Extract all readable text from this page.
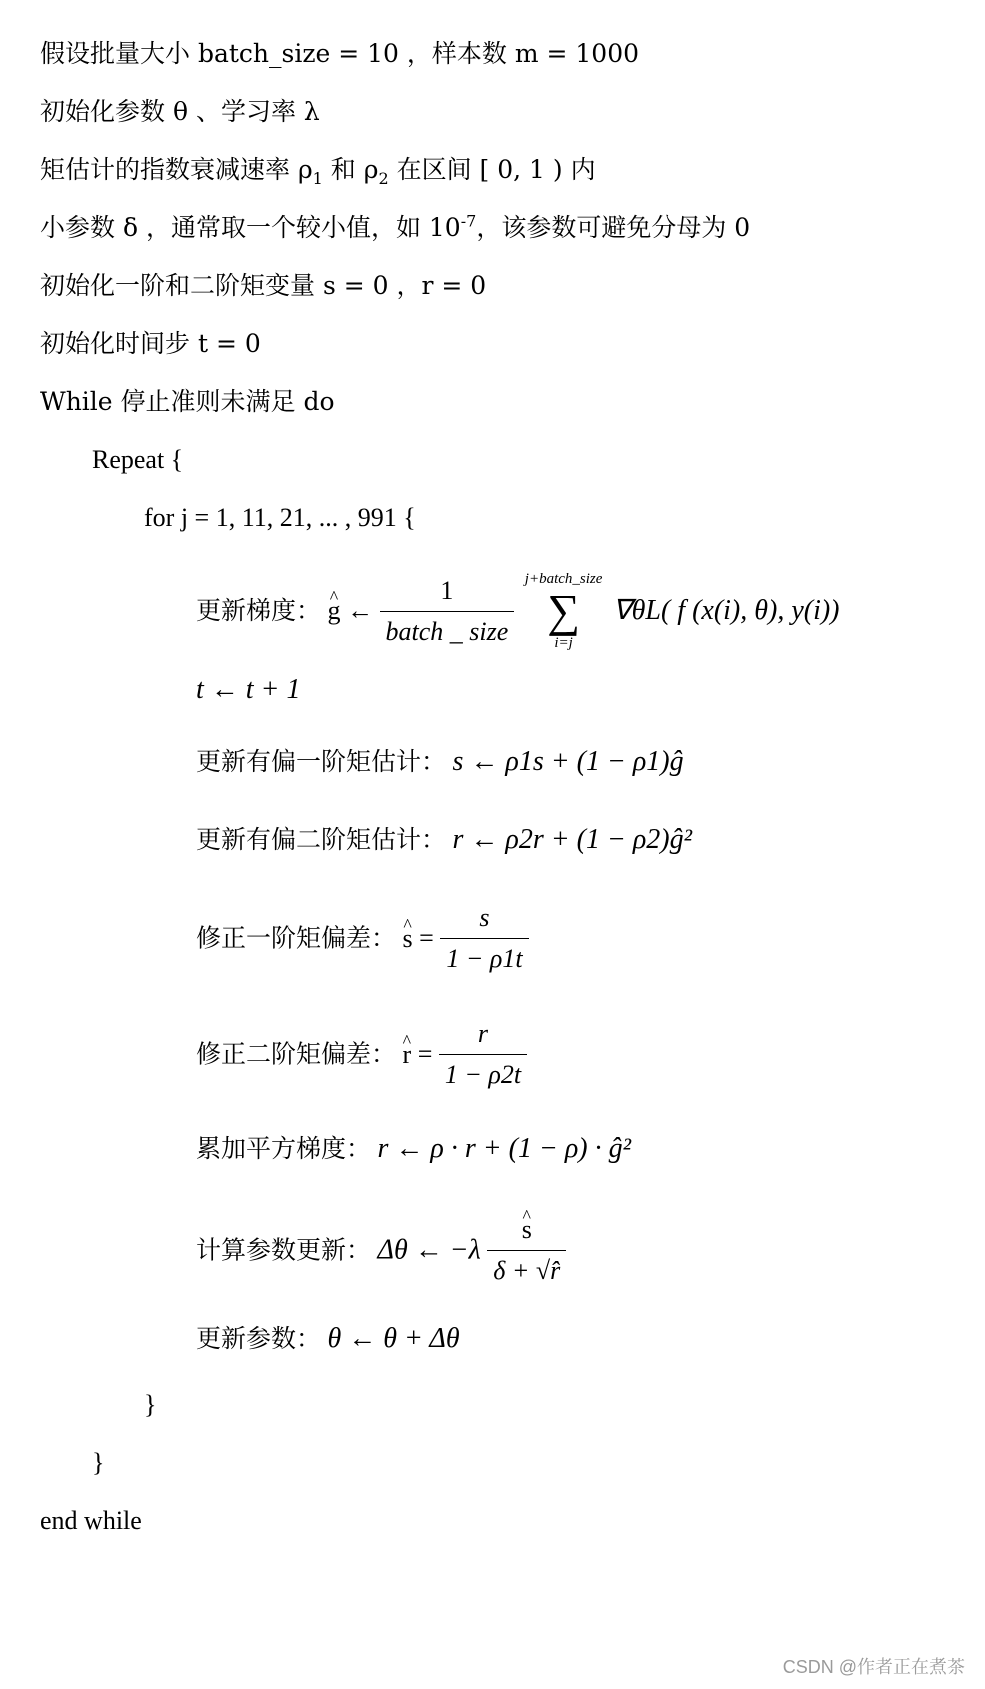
假设批量大小 batch_size = 10 ，样本数 m = 1000
初始化参数 θ 、学习率 λ
矩估计的指数衰减速率 $\rho_1$ 和 $\rho_2$ 在区间 [ 0, 1 ) 内
小参数 δ ，通常取一个较小值，如 $10^{-7}$，该参数可避免分母为 0
初始化一阶和二阶矩变量 s = 0 ，r = 0
初始化时间步 t = 0
While 停止准则未满足 do
Repeat {
for j = 1, 11, 21, ... , 991 {
更新梯度： ^ g ← $\frac{1}{\text{batch \_ size}}$
j+batch_size
∑
i=j
∇θL( f (x(i), θ), y(i))
t ← t + 1
更新有偏一阶矩估计： s ← ρ1s + (1 − ρ1)ĝ
更新有偏二阶矩估计： r ← ρ2r + (1 − ρ2)ĝ²
修正一阶矩偏差： ^ $s = \frac{s}{1 - \rho 1t}$
修正二阶矩偏差： ^ $r = \frac{r}{1 - \rho 2t}$
累加平方梯度： r ← ρ · r + (1 − ρ) · ĝ²
计算参数更新： Δθ ← −λ ^ $\frac{s}{\delta + √r̂}$
更新参数： θ ← θ + Δθ
}
}
end while
CSDN @作者正在煮茶
